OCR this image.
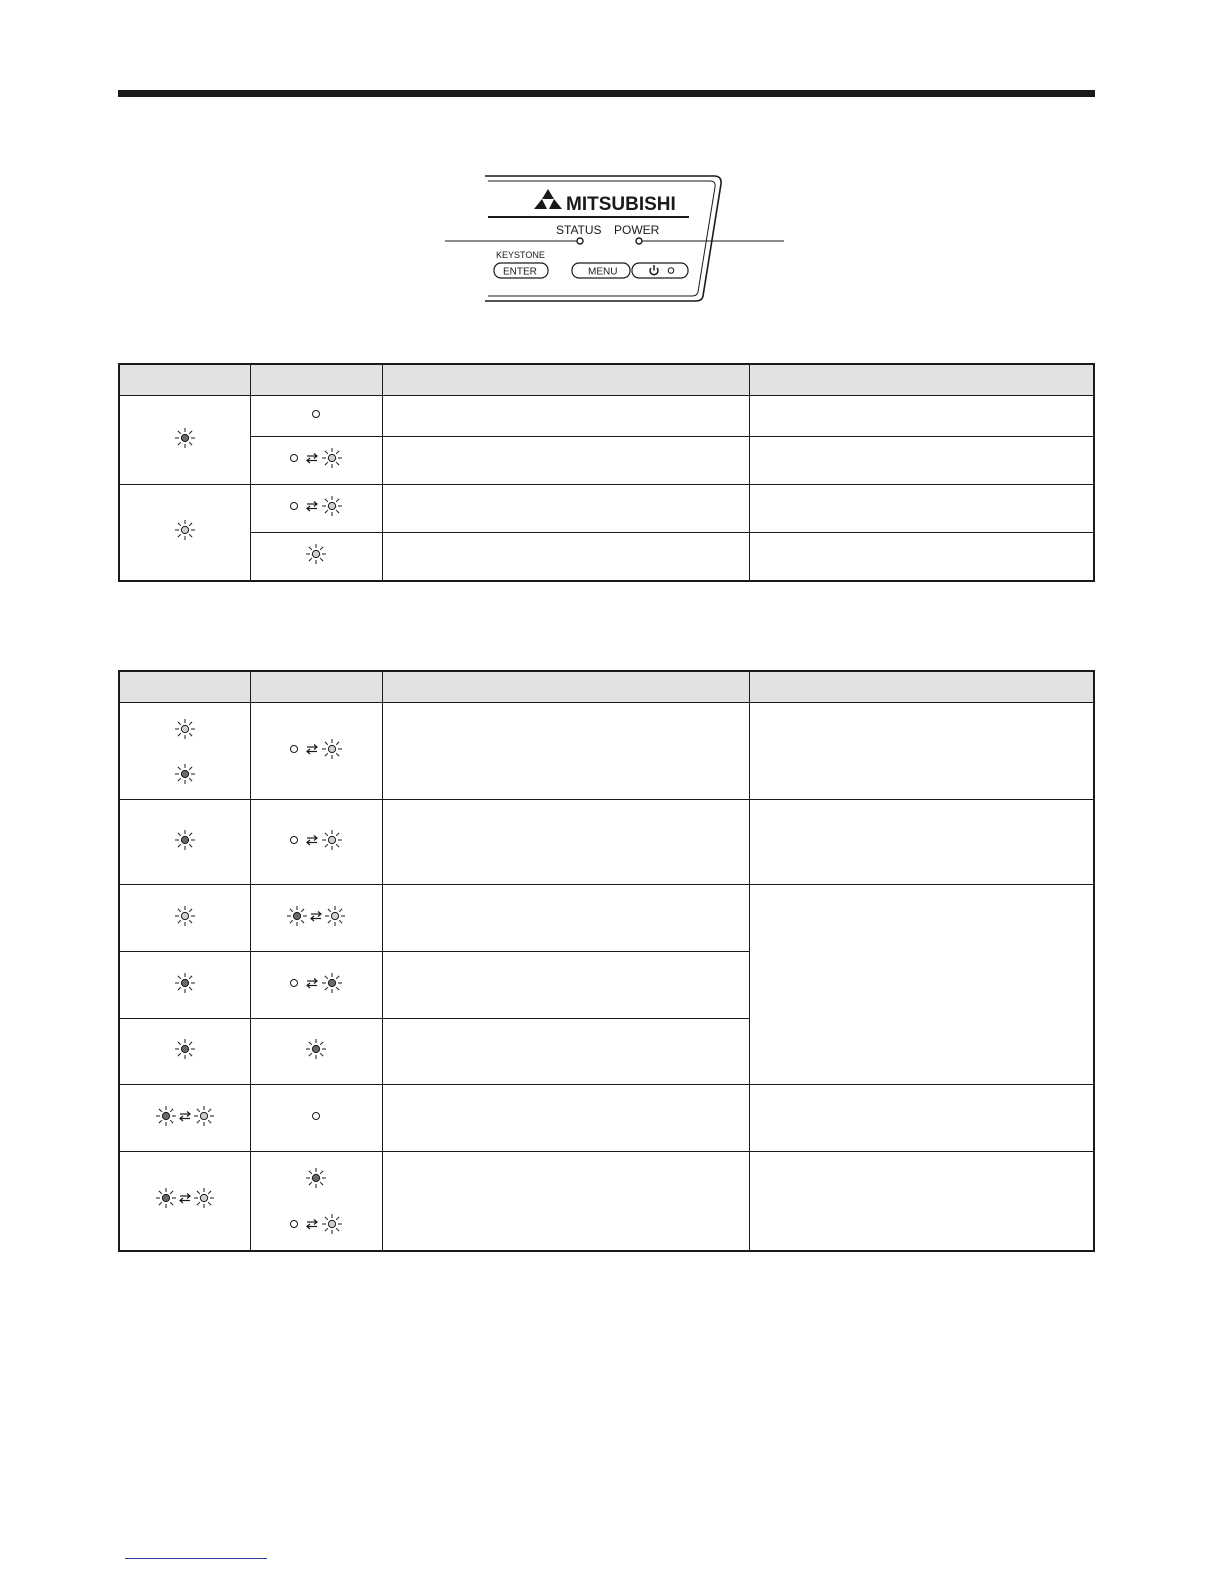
MITSUBISHI
STATUS POWER
KEYSTONE
ENTER	MENU
